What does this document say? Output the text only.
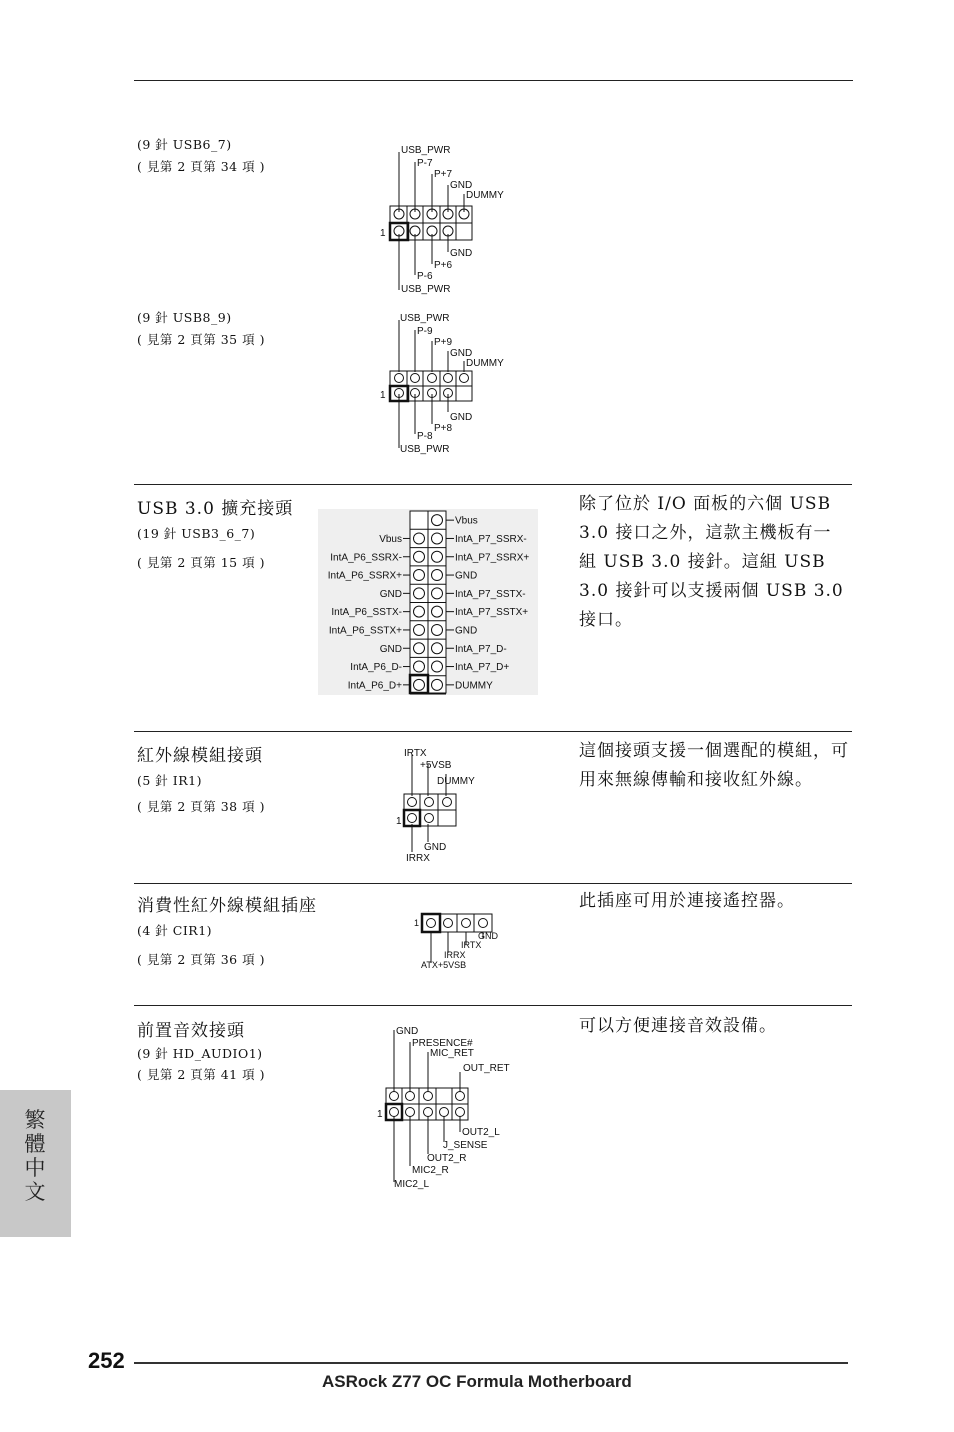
(9 針 USB6_7)
( 見第 2 頁第 34 項 )
USB_PWR
P-7
P+7
GND
DUMMY
1
GND
P+6
P-6
USB_PWR
(9 針 USB8_9)
( 見第 2 頁第 35 項 )
USB_PWR
P-9
P+9
GND
DUMMY
1
GND
P+8
P-8
USB_PWR
USB 3.0 擴充接頭
(19 針 USB3_6_7)
( 見第 2 頁第 15 項 )
除了位於 I/O 面板的六個 USB 3.0 接口之外，這款主機板有一組 USB 3.0 接針。這組 USB 3.0 接針可以支援兩個 USB 3.0 接口。
Vbus
IntA_P6_SSRX-
IntA_P6_SSRX+
GND
IntA_P6_SSTX-
IntA_P6_SSTX+
GND
IntA_P6_D-
IntA_P6_D+
Vbus
IntA_P7_SSRX-
IntA_P7_SSRX+
GND
IntA_P7_SSTX-
IntA_P7_SSTX+
GND
IntA_P7_D-
IntA_P7_D+
DUMMY
紅外線模組接頭
(5 針 IR1)
( 見第 2 頁第 38 項 )
這個接頭支援一個選配的模組，可用來無線傳輸和接收紅外線。
IRTX
+5VSB
DUMMY
1
GND
IRRX
消費性紅外線模組插座
(4 針 CIR1)
( 見第 2 頁第 36 項 )
此插座可用於連接遙控器。
1
GND
IRTX
IRRX
ATX+5VSB
前置音效接頭
(9 針 HD_AUDIO1)
( 見第 2 頁第 41 項 )
可以方便連接音效設備。
GND
PRESENCE#
MIC_RET
OUT_RET
1
OUT2_L
J_SENSE
OUT2_R
MIC2_R
MIC2_L
繁體中文
252
ASRock Z77 OC Formula Motherboard
